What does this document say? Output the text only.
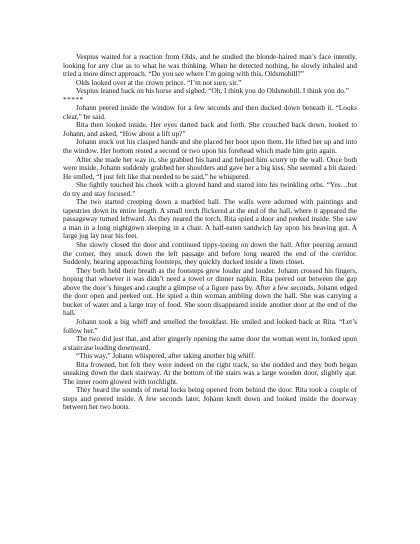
Vespius waited for a reaction from Olds, and he studied the blonde-haired man’s face intently, looking for any clue as to what he was thinking. When he detected nothing, he slowly inhaled and tried a more direct approach. “Do you see where I’m going with this, Oldsmobill?”

Olds looked over at the crown prince. “I’m not sure, sir.”

Vespius leaned back on his horse and sighed. “Oh, I think you do Oldsmobill. I think you do.”

*****

Johann peered inside the window for a few seconds and then ducked down beneath it. “Looks clear,” he said.

Rita then looked inside. Her eyes darted back and forth. She crouched back down, looked to Johann, and asked, “How about a lift up?”

Johann stuck out his clasped hands and she placed her boot upon them. He lifted her up and into the window. Her bottom rested a second or two upon his forehead which made him grin again.

After she made her way in, she grabbed his hand and helped him scurry up the wall. Once both were inside, Johann suddenly grabbed her shoulders and gave her a big kiss. She seemed a bit dazed. He smiled, “I just felt like that needed to be said,” he whispered.

She lightly touched his cheek with a gloved hand and stared into his twinkling orbs. “Yes…but do try and stay focused.”

The two started creeping down a marbled hall. The walls were adorned with paintings and tapestries down its entire length. A small torch flickered at the end of the hall, where it appeared the passageway turned leftward. As they neared the torch, Rita spied a door and peeked inside. She saw a man in a long nightgown sleeping in a chair. A half-eaten sandwich lay upon his heaving gut. A large jug lay near his feet.

She slowly closed the door and continued tippy-toeing on down the hall. After peering around the corner, they snuck down the left passage and before long neared the end of the corridor. Suddenly, hearing approaching footsteps, they quickly ducked inside a linen closet.

They both held their breath as the footsteps grew louder and louder. Johann crossed his fingers, hoping that whoever it was didn’t need a towel or dinner napkin. Rita peered out between the gap above the door’s hinges and caught a glimpse of a figure pass by. After a few seconds, Johann edged the door open and peeked out. He spied a thin woman ambling down the hall. She was carrying a bucket of water and a large tray of food. She soon disappeared inside another door at the end of the hall.

Johann took a big whiff and smelled the breakfast. He smiled and looked back at Rita. “Let’s follow her.”

The two did just that, and after gingerly opening the same door the woman went in, looked upon a staircase leading downward.

“This way,” Johann whispered, after taking another big whiff.

Rita frowned, but felt they were indeed on the right track, so she nodded and they both began sneaking down the dark stairway. At the bottom of the stairs was a large wooden door, slightly ajar. The inner room glowed with torchlight.

They heard the sounds of metal locks being opened from behind the door. Rita took a couple of steps and peered inside. A few seconds later, Johann knelt down and looked inside the doorway between her two boots.
